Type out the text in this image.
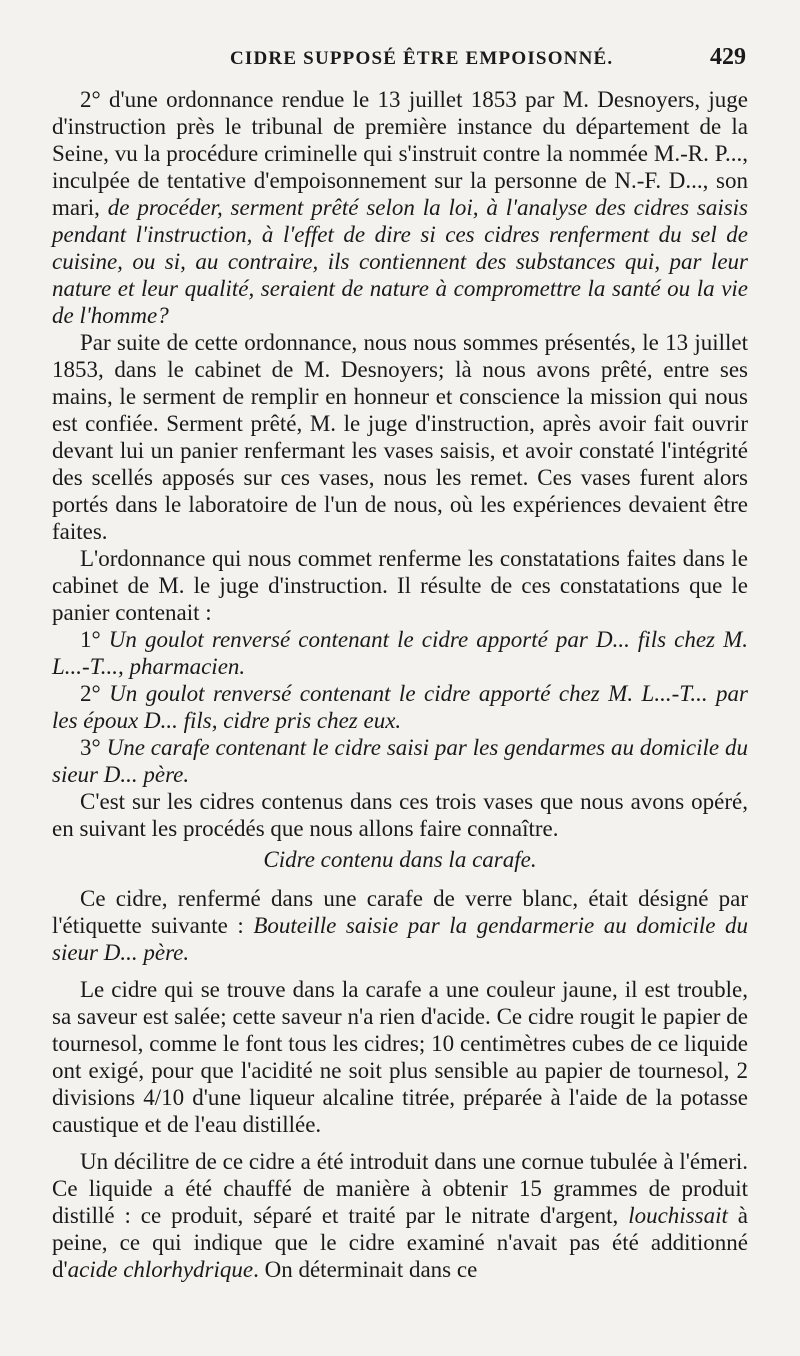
CIDRE SUPPOSÉ ÊTRE EMPOISONNÉ.	429

2° d'une ordonnance rendue le 13 juillet 1853 par M. Desnoyers, juge d'instruction près le tribunal de première instance du département de la Seine, vu la procédure criminelle qui s'instruit contre la nommée M.-R. P..., inculpée de tentative d'empoisonnement sur la personne de N.-F. D..., son mari, de procéder, serment prêté selon la loi, à l'analyse des cidres saisis pendant l'instruction, à l'effet de dire si ces cidres renferment du sel de cuisine, ou si, au contraire, ils contiennent des substances qui, par leur nature et leur qualité, seraient de nature à compromettre la santé ou la vie de l'homme?

Par suite de cette ordonnance, nous nous sommes présentés, le 13 juillet 1853, dans le cabinet de M. Desnoyers; là nous avons prêté, entre ses mains, le serment de remplir en honneur et conscience la mission qui nous est confiée. Serment prêté, M. le juge d'instruction, après avoir fait ouvrir devant lui un panier renfermant les vases saisis, et avoir constaté l'intégrité des scellés apposés sur ces vases, nous les remet. Ces vases furent alors portés dans le laboratoire de l'un de nous, où les expériences devaient être faites.

L'ordonnance qui nous commet renferme les constatations faites dans le cabinet de M. le juge d'instruction. Il résulte de ces constatations que le panier contenait :

1° Un goulot renversé contenant le cidre apporté par D... fils chez M. L...-T..., pharmacien.

2° Un goulot renversé contenant le cidre apporté chez M. L...-T... par les époux D... fils, cidre pris chez eux.

3° Une carafe contenant le cidre saisi par les gendarmes au domicile du sieur D... père.

C'est sur les cidres contenus dans ces trois vases que nous avons opéré, en suivant les procédés que nous allons faire connaître.

Cidre contenu dans la carafe.

Ce cidre, renfermé dans une carafe de verre blanc, était désigné par l'étiquette suivante : Bouteille saisie par la gendarmerie au domicile du sieur D... père.

Le cidre qui se trouve dans la carafe a une couleur jaune, il est trouble, sa saveur est salée; cette saveur n'a rien d'acide. Ce cidre rougit le papier de tournesol, comme le font tous les cidres; 10 centimètres cubes de ce liquide ont exigé, pour que l'acidité ne soit plus sensible au papier de tournesol, 2 divisions 4/10 d'une liqueur alcaline titrée, préparée à l'aide de la potasse caustique et de l'eau distillée.

Un décilitre de ce cidre a été introduit dans une cornue tubulée à l'émeri. Ce liquide a été chauffé de manière à obtenir 15 grammes de produit distillé : ce produit, séparé et traité par le nitrate d'argent, louchissait à peine, ce qui indique que le cidre examiné n'avait pas été additionné d'acide chlorhydrique. On déterminait dans ce
